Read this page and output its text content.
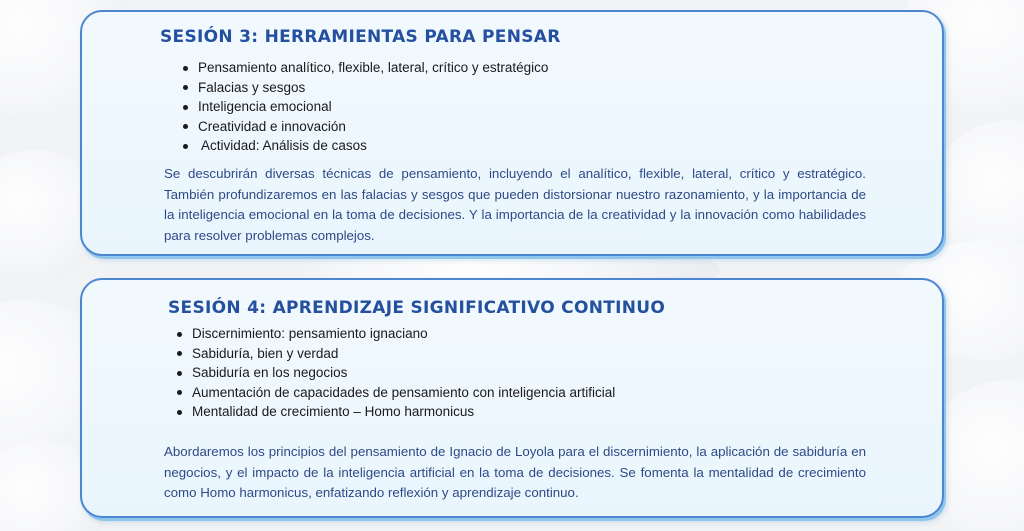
SESIÓN 3: HERRAMIENTAS PARA PENSAR
Pensamiento analítico, flexible, lateral, crítico y estratégico
Falacias y sesgos
Inteligencia emocional
Creatividad e innovación
Actividad: Análisis de casos

Se descubrirán diversas técnicas de pensamiento, incluyendo el analítico, flexible, lateral, crítico y estratégico. También profundizaremos en las falacias y sesgos que pueden distorsionar nuestro razonamiento, y la importancia de la inteligencia emocional en la toma de decisiones. Y la importancia de la creatividad y la innovación como habilidades para resolver problemas complejos.

SESIÓN 4: APRENDIZAJE SIGNIFICATIVO CONTINUO
Discernimiento: pensamiento ignaciano
Sabiduría, bien y verdad
Sabiduría en los negocios
Aumentación de capacidades de pensamiento con inteligencia artificial
Mentalidad de crecimiento – Homo harmonicus

Abordaremos los principios del pensamiento de Ignacio de Loyola para el discernimiento, la aplicación de sabiduría en negocios, y el impacto de la inteligencia artificial en la toma de decisiones. Se fomenta la mentalidad de crecimiento como Homo harmonicus, enfatizando reflexión y aprendizaje continuo.
